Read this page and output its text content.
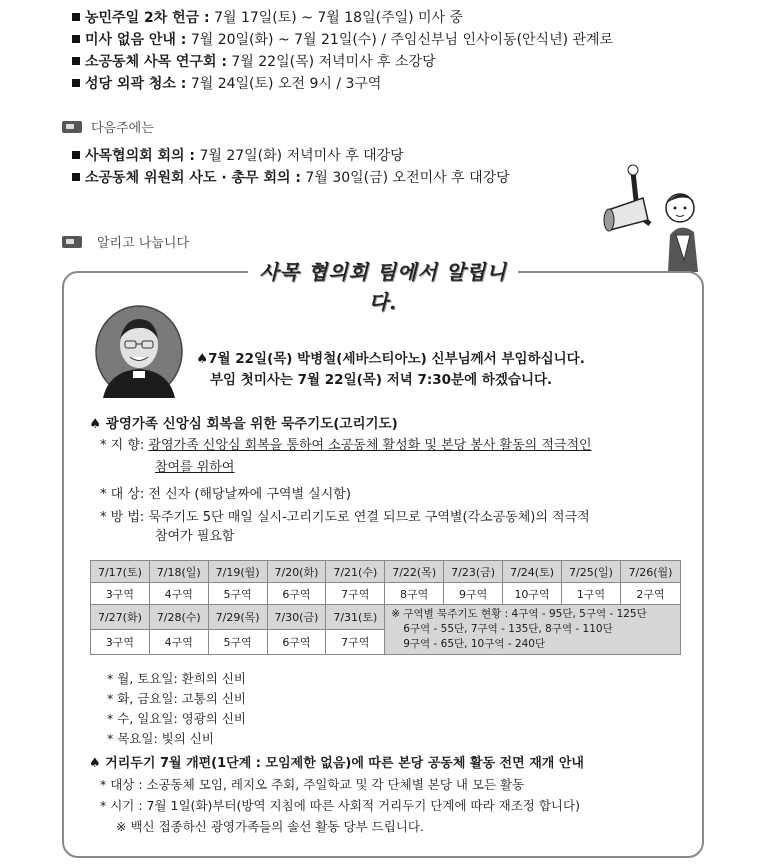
농민주일 2차 헌금 : 7월 17일(토) ~ 7월 18일(주일) 미사 중
미사 없음 안내 : 7월 20일(화) ~ 7월 21일(수) / 주임신부님 인사이동(안식년) 관계로
소공동체 사목 연구회 : 7월 22일(목) 저녁미사 후 소강당
성당 외곽 청소 : 7월 24일(토) 오전 9시 / 3구역
다음주에는
사목협의회 회의 : 7월 27일(화) 저녁미사 후 대강당
소공동체 위원회 사도 · 총무 회의 : 7월 30일(금) 오전미사 후 대강당
알리고 나눕니다
사목 협의회 팀에서 알립니다.
♠7월 22일(목) 박병철(세바스티아노) 신부님께서 부임하십니다.
부임 첫미사는 7월 22일(목) 저녁 7:30분에 하겠습니다.
♠ 광영가족 신앙심 회복을 위한 묵주기도(고리기도)
* 지 향: 광영가족 신앙심 회복을 통하여 소공동체 활성화 및 본당 봉사 활동의 적극적인
참여를 위하여
* 대 상: 전 신자 (해당날짜에 구역별 실시함)
* 방 법: 묵주기도 5단 매일 실시-고리기도로 연결 되므로 구역별(각소공동체)의 적극적
참여가 필요함
7/17(토)	7/18(일)	7/19(월)	7/20(화)	7/21(수)	7/22(목)	7/23(금)	7/24(토)	7/25(일)	7/26(월)
3구역	4구역	5구역	6구역	7구역	8구역	9구역	10구역	1구역	2구역
7/27(화)	7/28(수)	7/29(목)	7/30(금)	7/31(토)	※ 구역별 묵주기도 현황 : 4구역 - 95단, 5구역 - 125단
6구역 - 55단, 7구역 - 135단, 8구역 - 110단
9구역 - 65단, 10구역 - 240단				

3구역	4구역	5구역	6구역	7구역					
* 월, 토요일: 환희의 신비
* 화, 금요일: 고통의 신비
* 수, 일요일: 영광의 신비
* 목요일: 빛의 신비
♠ 거리두기 7월 개편(1단계 : 모임제한 없음)에 따른 본당 공동체 활동 전면 재개 안내
* 대상 : 소공동체 모임, 레지오 주회, 주일학교 및 각 단체별 본당 내 모든 활동
* 시기 : 7월 1일(화)부터(방역 지침에 따른 사회적 거리두기 단계에 따라 재조정 합니다)
※ 백신 접종하신 광영가족들의 솔선 활동 당부 드립니다.
